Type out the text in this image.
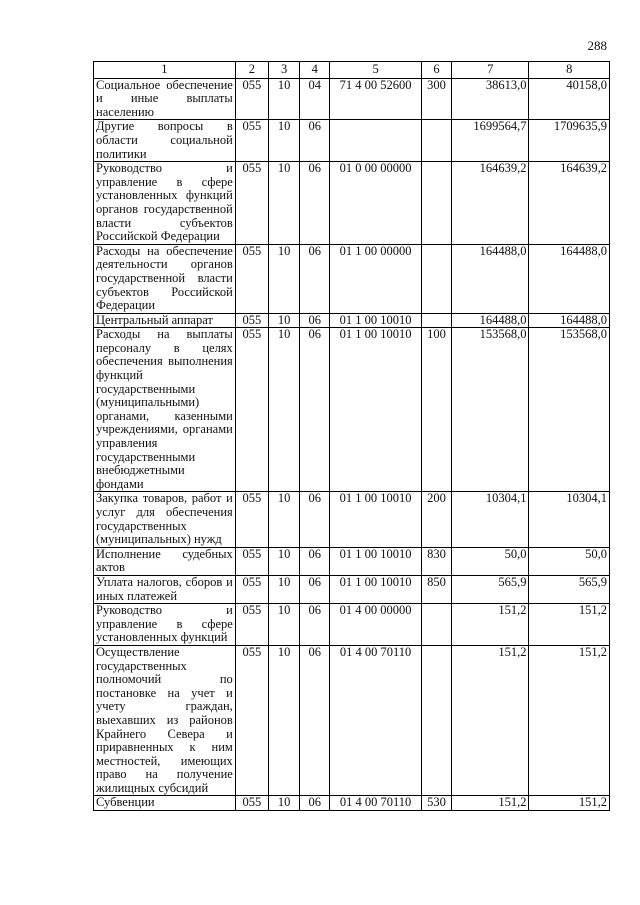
288
1	2	3	4	5	6	7	8
Социальное обеспечение и иные выплаты населению	055	10	04	71 4 00 52600	300	38613,0	40158,0
Другие вопросы в области социальной политики	055	10	06			1699564,7	1709635,9
Руководство и управление в сфере установленных функций органов государственной власти субъектов Российской Федерации	055	10	06	01 0 00 00000		164639,2	164639,2
Расходы на обеспечение деятельности органов государственной власти субъектов Российской Федерации	055	10	06	01 1 00 00000		164488,0	164488,0
Центральный аппарат	055	10	06	01 1 00 10010		164488,0	164488,0
Расходы на выплаты персоналу в целях обеспечения выполнения функций государственными (муниципальными) органами, казенными учреждениями, органами управления государственными внебюджетными фондами	055	10	06	01 1 00 10010	100	153568,0	153568,0
Закупка товаров, работ и услуг для обеспечения государственных (муниципальных) нужд	055	10	06	01 1 00 10010	200	10304,1	10304,1
Исполнение судебных актов	055	10	06	01 1 00 10010	830	50,0	50,0
Уплата налогов, сборов и иных платежей	055	10	06	01 1 00 10010	850	565,9	565,9
Руководство и управление в сфере установленных функций	055	10	06	01 4 00 00000		151,2	151,2
Осуществление государственных полномочий по постановке на учет и учету граждан, выехавших из районов Крайнего Севера и приравненных к ним местностей, имеющих право на получение жилищных субсидий	055	10	06	01 4 00 70110		151,2	151,2
Субвенции	055	10	06	01 4 00 70110	530	151,2	151,2
